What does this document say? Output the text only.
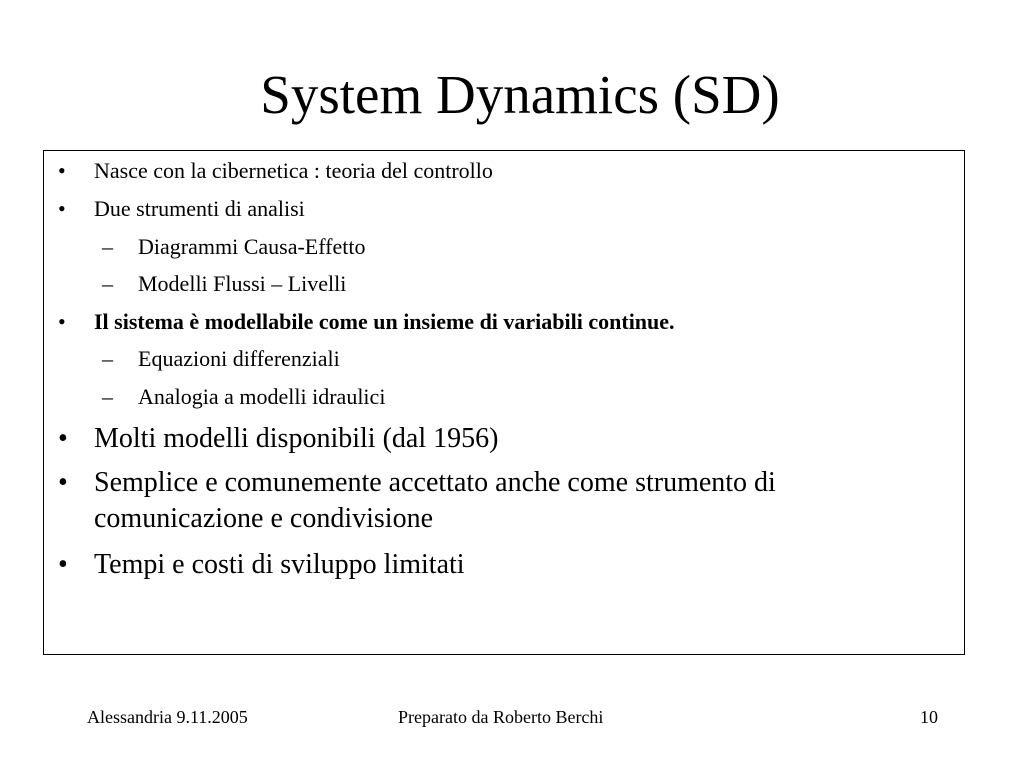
System Dynamics (SD)
• Nasce con la cibernetica : teoria del controllo
• Due strumenti di analisi
– Diagrammi Causa-Effetto
– Modelli Flussi – Livelli
• Il sistema è modellabile come un insieme di variabili continue.
– Equazioni differenziali
– Analogia a modelli idraulici
• Molti modelli disponibili (dal 1956)
• Semplice e comunemente accettato anche come strumento di comunicazione e condivisione
• Tempi e costi di sviluppo limitati
Alessandria 9.11.2005	Preparato da Roberto Berchi	10
